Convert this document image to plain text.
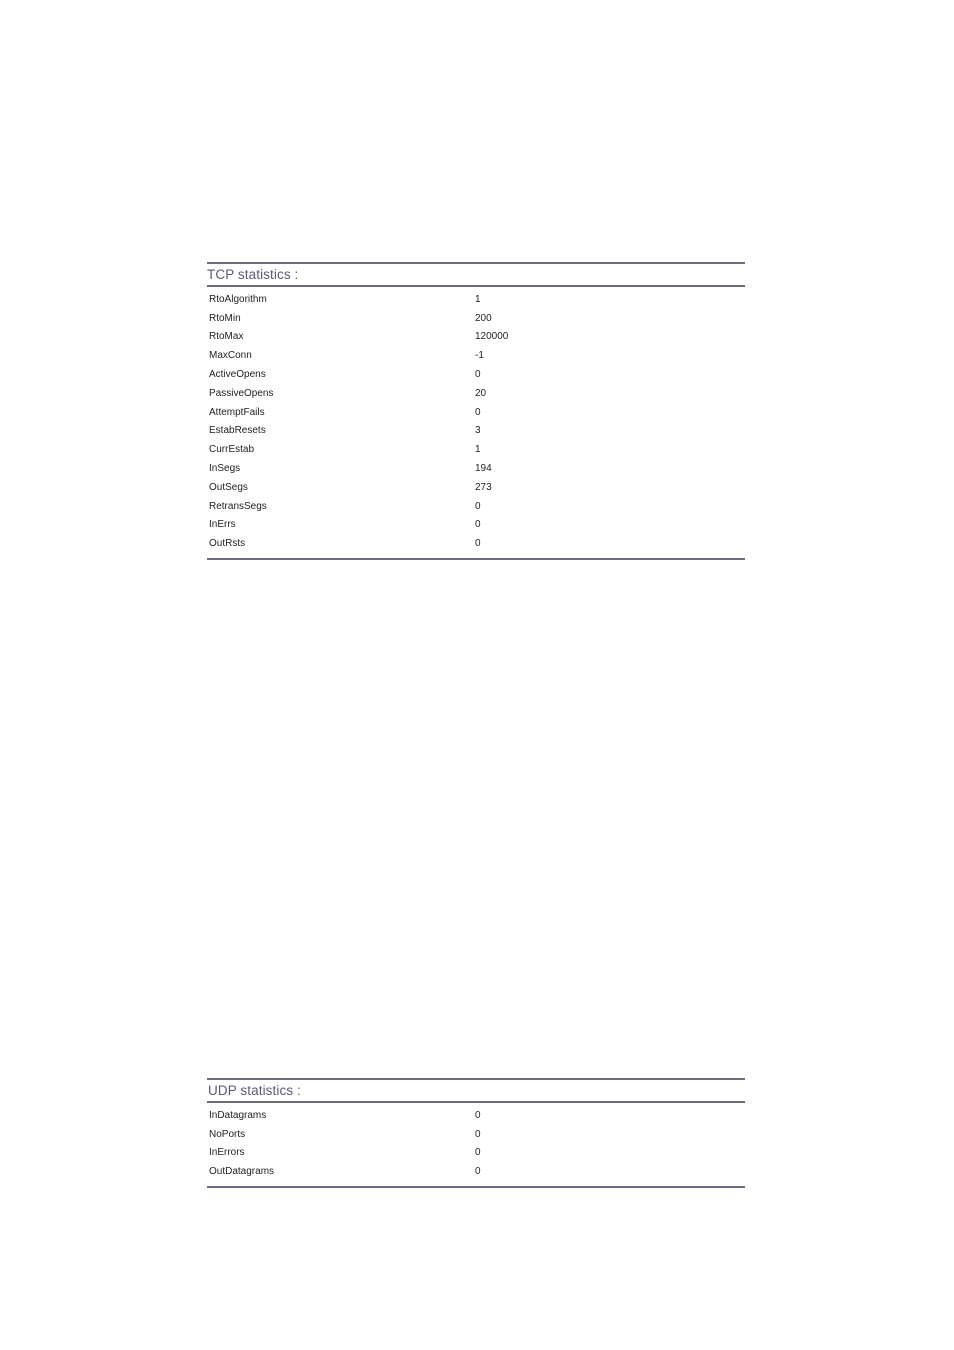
TCP statistics :
RtoAlgorithm	1
RtoMin	200
RtoMax	120000
MaxConn	-1
ActiveOpens	0
PassiveOpens	20
AttemptFails	0
EstabResets	3
CurrEstab	1
InSegs	194
OutSegs	273
RetransSegs	0
InErrs	0
OutRsts	0
UDP statistics :
InDatagrams	0
NoPorts	0
InErrors	0
OutDatagrams	0
